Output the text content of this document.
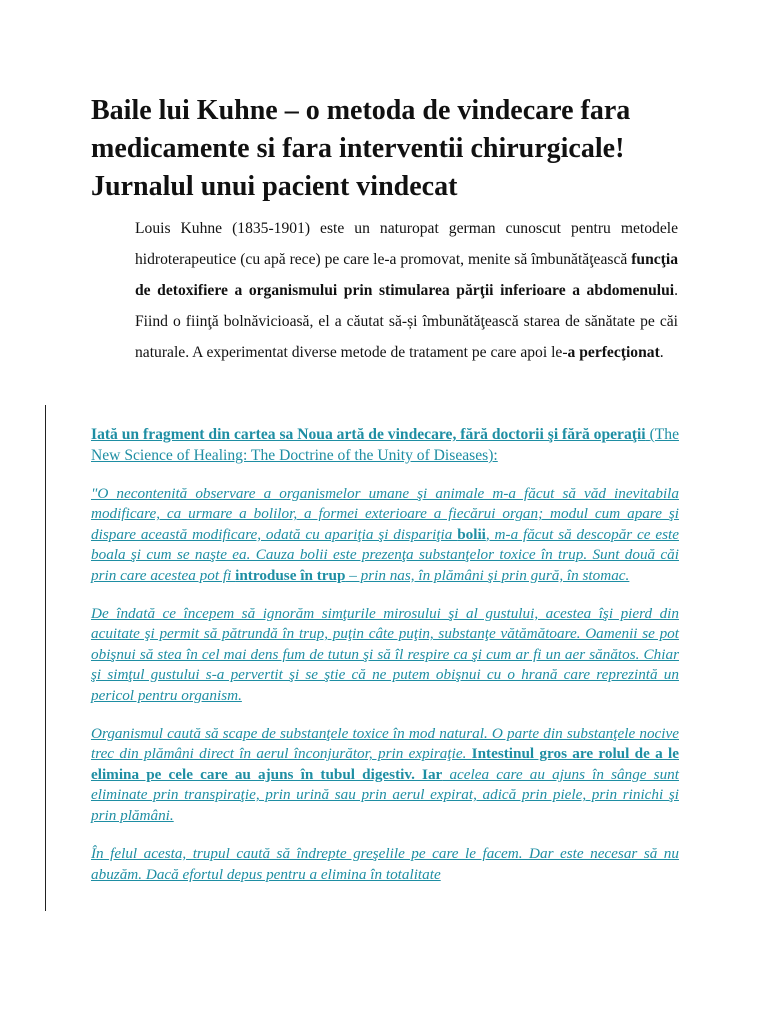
Baile lui Kuhne – o metoda de vindecare fara medicamente si fara interventii chirurgicale! Jurnalul unui pacient vindecat

Louis Kuhne (1835-1901) este un naturopat german cunoscut pentru metodele hidroterapeutice (cu apă rece) pe care le-a promovat, menite să îmbunătăţească funcţia de detoxifiere a organismului prin stimularea părţii inferioare a abdomenului. Fiind o fiinţă bolnăvicioasă, el a căutat să-și îmbunătăţească starea de sănătate pe căi naturale. A experimentat diverse metode de tratament pe care apoi le-a perfecţionat.

Iată un fragment din cartea sa Noua artă de vindecare, fără doctorii şi fără operaţii (The New Science of Healing: The Doctrine of the Unity of Diseases):

"O necontenită observare a organismelor umane şi animale m-a făcut să văd inevitabila modificare, ca urmare a bolilor, a formei exterioare a fiecărui organ; modul cum apare şi dispare această modificare, odată cu apariţia şi dispariţia bolii, m-a făcut să descopăr ce este boala şi cum se naşte ea. Cauza bolii este prezenţa substanţelor toxice în trup. Sunt două căi prin care acestea pot fi introduse în trup – prin nas, în plămâni şi prin gură, în stomac.

De îndată ce începem să ignorăm simţurile mirosului şi al gustului, acestea îşi pierd din acuitate şi permit să pătrundă în trup, puţin câte puţin, substanţe vătămătoare. Oamenii se pot obişnui să stea în cel mai dens fum de tutun şi să îl respire ca şi cum ar fi un aer sănătos. Chiar şi simţul gustului s-a pervertit şi se ştie că ne putem obişnui cu o hrană care reprezintă un pericol pentru organism.

Organismul caută să scape de substanţele toxice în mod natural. O parte din substanţele nocive trec din plămâni direct în aerul înconjurător, prin expiraţie. Intestinul gros are rolul de a le elimina pe cele care au ajuns în tubul digestiv. Iar acelea care au ajuns în sânge sunt eliminate prin transpiraţie, prin urină sau prin aerul expirat, adică prin piele, prin rinichi şi prin plămâni.

În felul acesta, trupul caută să îndrepte greşelile pe care le facem. Dar este necesar să nu abuzăm. Dacă efortul depus pentru a elimina în totalitate
